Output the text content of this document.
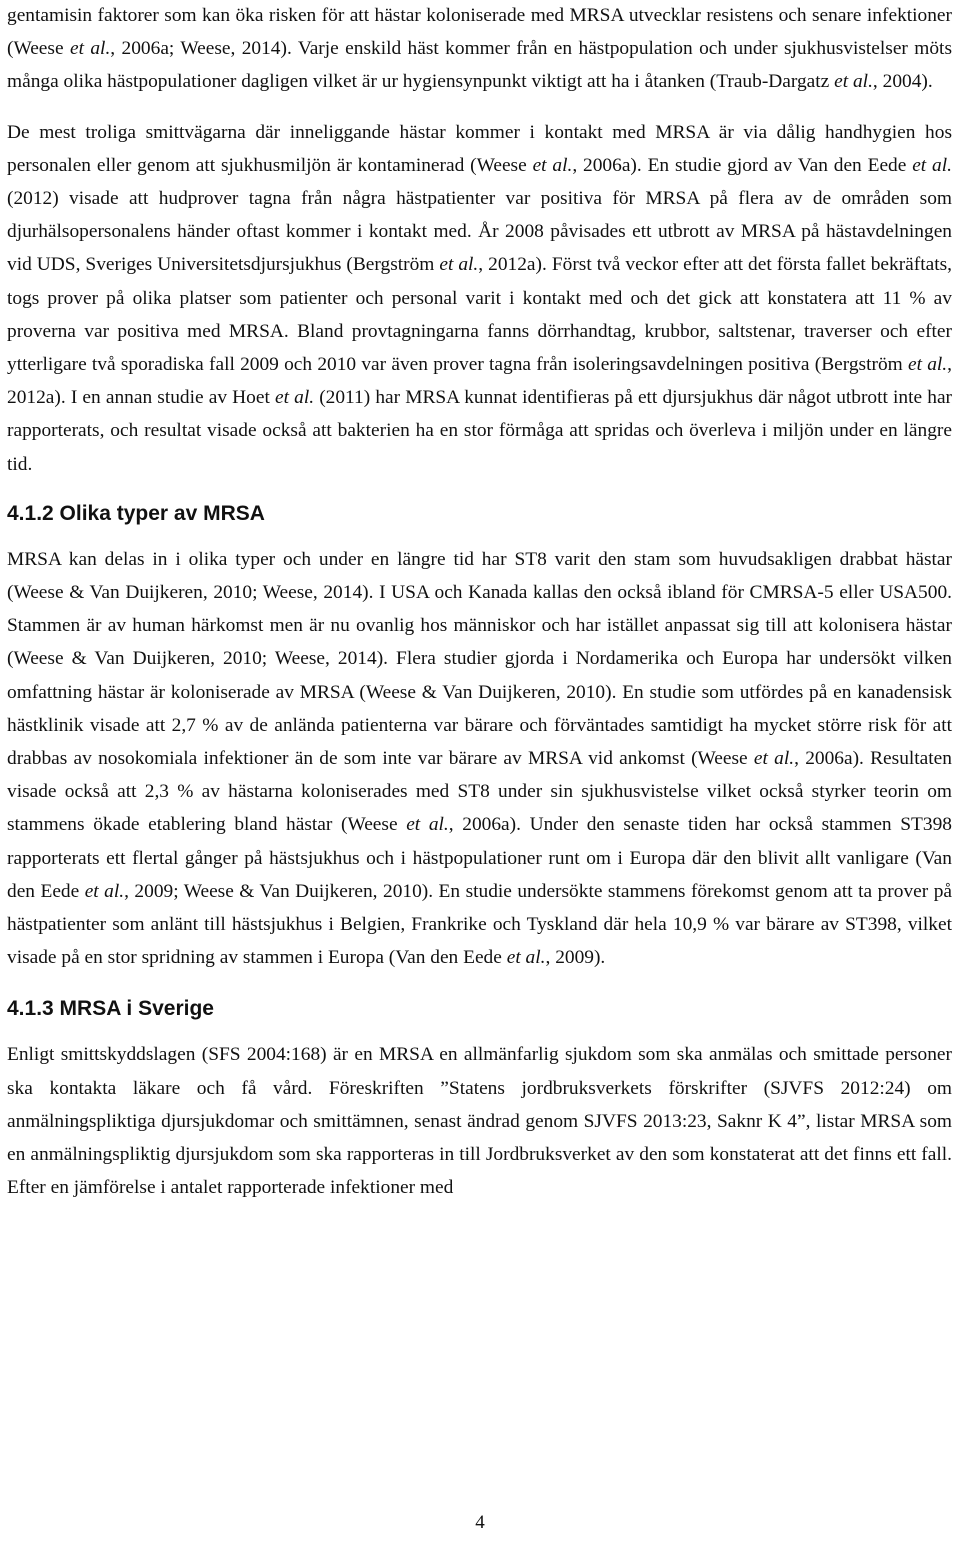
gentamisin faktorer som kan öka risken för att hästar koloniserade med MRSA utvecklar resistens och senare infektioner (Weese et al., 2006a; Weese, 2014). Varje enskild häst kommer från en hästpopulation och under sjukhusvistelser möts många olika hästpopulationer dagligen vilket är ur hygiensynpunkt viktigt att ha i åtanken (Traub-Dargatz et al., 2004).

De mest troliga smittvägarna där inneliggande hästar kommer i kontakt med MRSA är via dålig handhygien hos personalen eller genom att sjukhusmiljön är kontaminerad (Weese et al., 2006a). En studie gjord av Van den Eede et al. (2012) visade att hudprover tagna från några hästpatienter var positiva för MRSA på flera av de områden som djurhälsopersonalens händer oftast kommer i kontakt med. År 2008 påvisades ett utbrott av MRSA på hästavdelningen vid UDS, Sveriges Universitetsdjursjukhus (Bergström et al., 2012a). Först två veckor efter att det första fallet bekräftats, togs prover på olika platser som patienter och personal varit i kontakt med och det gick att konstatera att 11 % av proverna var positiva med MRSA. Bland provtagningarna fanns dörrhandtag, krubbor, saltstenar, traverser och efter ytterligare två sporadiska fall 2009 och 2010 var även prover tagna från isoleringsavdelningen positiva (Bergström et al., 2012a). I en annan studie av Hoet et al. (2011) har MRSA kunnat identifieras på ett djursjukhus där något utbrott inte har rapporterats, och resultat visade också att bakterien ha en stor förmåga att spridas och överleva i miljön under en längre tid.

4.1.2 Olika typer av MRSA

MRSA kan delas in i olika typer och under en längre tid har ST8 varit den stam som huvudsakligen drabbat hästar (Weese & Van Duijkeren, 2010; Weese, 2014). I USA och Kanada kallas den också ibland för CMRSA-5 eller USA500. Stammen är av human härkomst men är nu ovanlig hos människor och har istället anpassat sig till att kolonisera hästar (Weese & Van Duijkeren, 2010; Weese, 2014). Flera studier gjorda i Nordamerika och Europa har undersökt vilken omfattning hästar är koloniserade av MRSA (Weese & Van Duijkeren, 2010). En studie som utfördes på en kanadensisk hästklinik visade att 2,7 % av de anlända patienterna var bärare och förväntades samtidigt ha mycket större risk för att drabbas av nosokomiala infektioner än de som inte var bärare av MRSA vid ankomst (Weese et al., 2006a). Resultaten visade också att 2,3 % av hästarna koloniserades med ST8 under sin sjukhusvistelse vilket också styrker teorin om stammens ökade etablering bland hästar (Weese et al., 2006a). Under den senaste tiden har också stammen ST398 rapporterats ett flertal gånger på hästsjukhus och i hästpopulationer runt om i Europa där den blivit allt vanligare (Van den Eede et al., 2009; Weese & Van Duijkeren, 2010). En studie undersökte stammens förekomst genom att ta prover på hästpatienter som anlänt till hästsjukhus i Belgien, Frankrike och Tyskland där hela 10,9 % var bärare av ST398, vilket visade på en stor spridning av stammen i Europa (Van den Eede et al., 2009).

4.1.3 MRSA i Sverige

Enligt smittskyddslagen (SFS 2004:168) är en MRSA en allmänfarlig sjukdom som ska anmälas och smittade personer ska kontakta läkare och få vård. Föreskriften ”Statens jordbruksverkets förskrifter (SJVFS 2012:24) om anmälningspliktiga djursjukdomar och smittämnen, senast ändrad genom SJVFS 2013:23, Saknr K 4”, listar MRSA som en anmälningspliktig djursjukdom som ska rapporteras in till Jordbruksverket av den som konstaterat att det finns ett fall. Efter en jämförelse i antalet rapporterade infektioner med

4
